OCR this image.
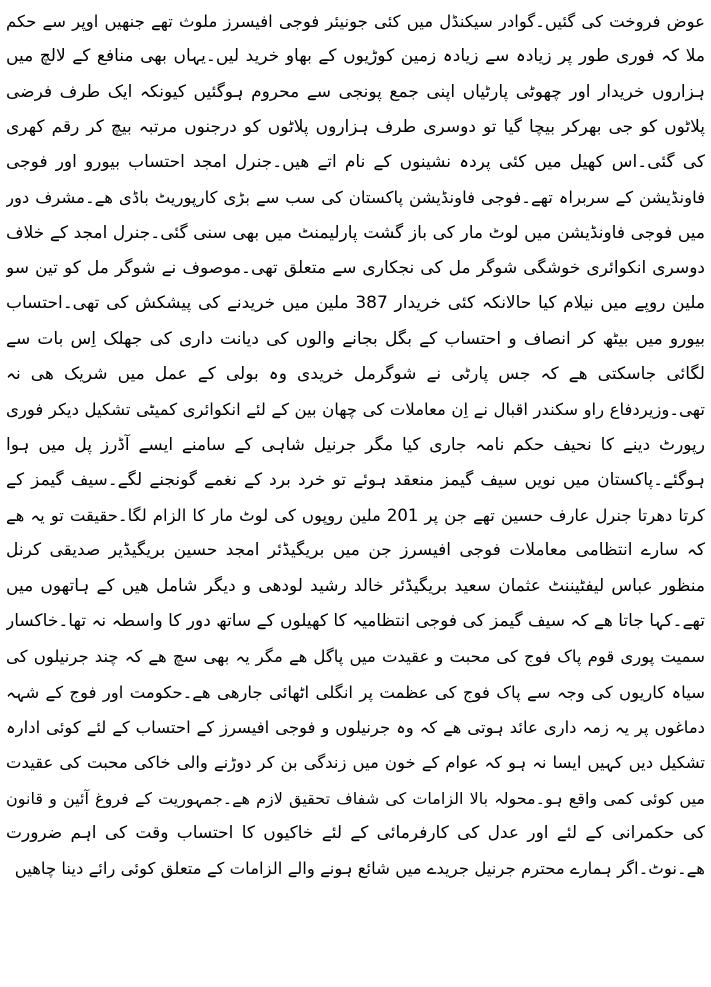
عوض فروخت کی گئیں۔گوادر سیکنڈل میں کئی جونیئر فوجی افیسرز ملوث تھے جنھیں اوپر سے حکم
ملا کہ فوری طور پر زیادہ سے زیادہ زمین کوڑیوں کے بھاو خرید لیں۔یہاں بھی منافع کے لالچ میں
ہزاروں خریدار اور چھوٹی پارٹیاں اپنی جمع پونجی سے محروم ہوگئیں کیونکہ ایک طرف فرضی
پلاٹوں کو جی بھرکر بیچا گیا تو دوسری طرف ہزاروں پلاٹوں کو درجنوں مرتبہ بیچ کر رقم کھری
کی گئی۔اس کھیل میں کئی پردہ نشینوں کے نام اتے ھیں۔جنرل امجد احتساب بیورو اور فوجی
فاونڈیشن کے سربراہ تھے۔فوجی فاونڈیشن پاکستان کی سب سے بڑی کارپوریٹ باڈی ھے۔مشرف دور
میں فوجی فاونڈیشن میں لوٹ مار کی باز گشت پارلیمنٹ میں بھی سنی گئی۔جنرل امجد کے خلاف
دوسری انکوائری خوشگی شوگر مل کی نجکاری سے متعلق تھی۔موصوف نے شوگر مل کو تین سو
ملین روپے میں نیلام کیا حالانکہ کئی خریدار 387 ملین میں خریدنے کی پیشکش کی تھی۔احتساب
بیورو میں بیٹھ کر انصاف و احتساب کے بگل بجانے والوں کی دیانت داری کی جھلک اِس بات سے
لگائی جاسکتی ھے کہ جس پارٹی نے شوگرمل خریدی وہ بولی کے عمل میں شریک ھی نہ
تھی۔وزیردفاع راو سکندر اقبال نے اِن معاملات کی چھان بین کے لئے انکوائری کمیٹی تشکیل دیکر فوری
رپورٹ دینے کا نحیف حکم نامہ جاری کیا مگر جرنیل شاہی کے سامنے ایسے آڈرز پل میں ہوا
ہوگئے۔پاکستان میں نویں سیف گیمز منعقد ہوئے تو خرد برد کے نغمے گونجنے لگے۔سیف گیمز کے
کرتا دھرتا جنرل عارف حسین تھے جن پر 201 ملین روپوں کی لوٹ مار کا الزام لگا۔حقیقت تو یہ ھے
کہ سارے انتظامی معاملات فوجی افیسرز جن میں بریگیڈئر امجد حسین بریگیڈیر صدیقی کرنل
منظور عباس لیفٹیننٹ عثمان سعید بریگیڈئر خالد رشید لودھی و دیگر شامل ھیں کے ہاتھوں میں
تھے۔کہا جاتا ھے کہ سیف گیمز کی فوجی انتظامیہ کا کھیلوں کے ساتھ دور کا واسطہ نہ تھا۔خاکسار
سمیت پوری قوم پاک فوج کی محبت و عقیدت میں پاگل ھے مگر یہ بھی سچ ھے کہ چند جرنیلوں کی
سیاہ کاریوں کی وجہ سے پاک فوج کی عظمت پر انگلی اٹھائی جارھی ھے۔حکومت اور فوج کے شہہ
دماغوں پر یہ زمہ داری عائد ہوتی ھے کہ وہ جرنیلوں و فوجی افیسرز کے احتساب کے لئے کوئی ادارہ
تشکیل دیں کہیں ایسا نہ ہو کہ عوام کے خون میں زندگی بن کر دوڑنے والی خاکی محبت کی عقیدت
میں کوئی کمی واقع ہو۔محولہ بالا الزامات کی شفاف تحقیق لازم ھے۔جمہوریت کے فروغ آئین و قانون
کی حکمرانی کے لئے اور عدل کی کارفرمائی کے لئے خاکیوں کا احتساب وقت کی اہم ضرورت
ھے۔نوٹ۔اگر ہمارے محترم جرنیل جریدے میں شائع ہونے والے الزامات کے متعلق کوئی رائے دینا چاھیں
